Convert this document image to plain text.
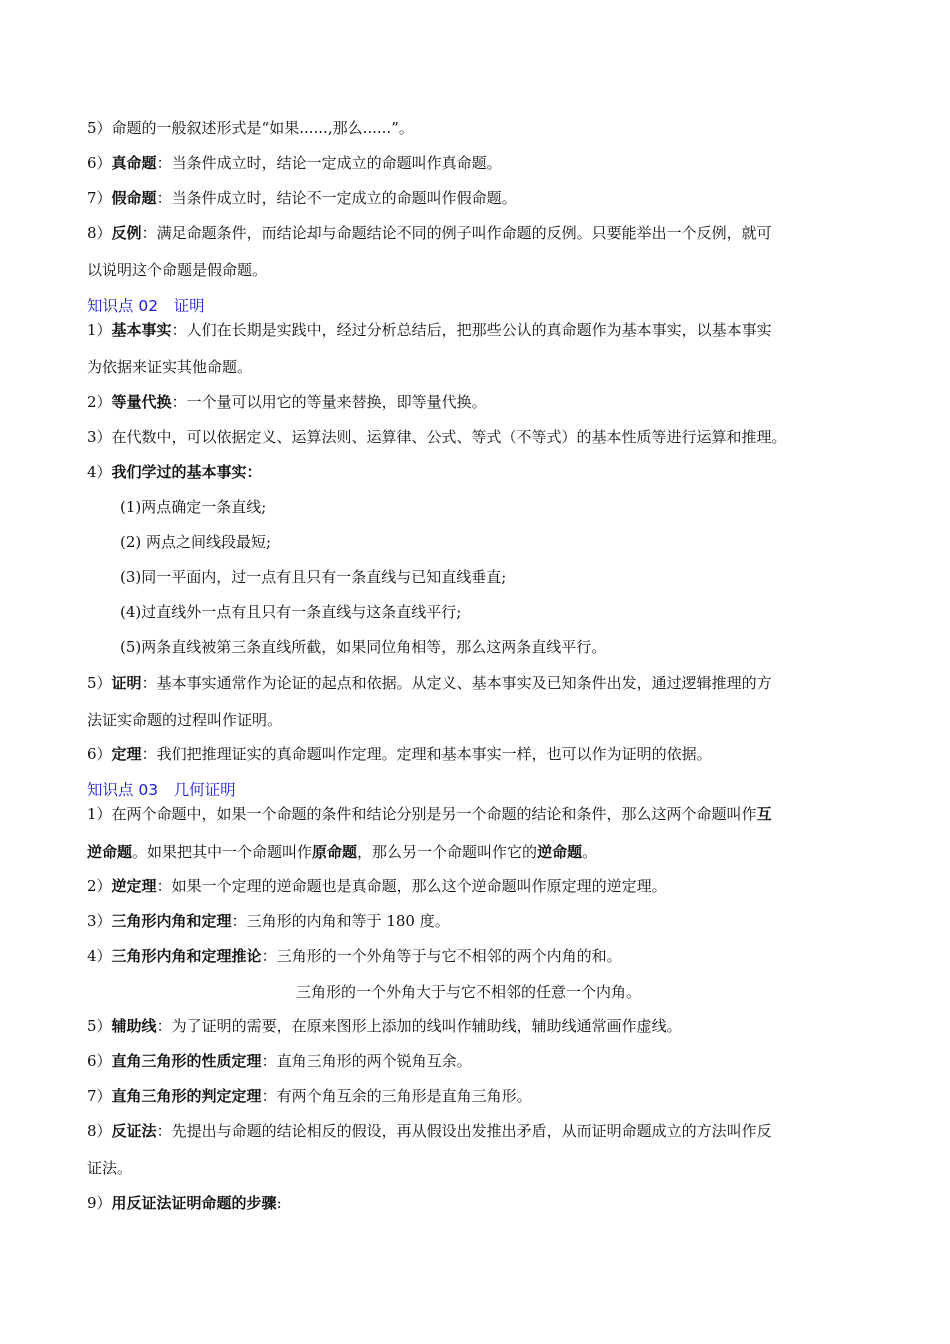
5）命题的一般叙述形式是“如果......,那么......”。
6）真命题：当条件成立时，结论一定成立的命题叫作真命题。
7）假命题：当条件成立时，结论不一定成立的命题叫作假命题。
8）反例：满足命题条件，而结论却与命题结论不同的例子叫作命题的反例。只要能举出一个反例，就可
以说明这个命题是假命题。
知识点 02　证明
1）基本事实：人们在长期是实践中，经过分析总结后，把那些公认的真命题作为基本事实，以基本事实
为依据来证实其他命题。
2）等量代换：一个量可以用它的等量来替换，即等量代换。
3）在代数中，可以依据定义、运算法则、运算律、公式、等式（不等式）的基本性质等进行运算和推理。
4）我们学过的基本事实：
(1)两点确定一条直线;
(2) 两点之间线段最短;
(3)同一平面内，过一点有且只有一条直线与已知直线垂直;
(4)过直线外一点有且只有一条直线与这条直线平行;
(5)两条直线被第三条直线所截，如果同位角相等，那么这两条直线平行。
5）证明：基本事实通常作为论证的起点和依据。从定义、基本事实及已知条件出发，通过逻辑推理的方
法证实命题的过程叫作证明。
6）定理：我们把推理证实的真命题叫作定理。定理和基本事实一样，也可以作为证明的依据。
知识点 03　几何证明
1）在两个命题中，如果一个命题的条件和结论分别是另一个命题的结论和条件，那么这两个命题叫作互
逆命题。如果把其中一个命题叫作原命题，那么另一个命题叫作它的逆命题。
2）逆定理：如果一个定理的逆命题也是真命题，那么这个逆命题叫作原定理的逆定理。
3）三角形内角和定理：三角形的内角和等于 180 度。
4）三角形内角和定理推论：三角形的一个外角等于与它不相邻的两个内角的和。
三角形的一个外角大于与它不相邻的任意一个内角。
5）辅助线：为了证明的需要，在原来图形上添加的线叫作辅助线，辅助线通常画作虚线。
6）直角三角形的性质定理：直角三角形的两个锐角互余。
7）直角三角形的判定定理：有两个角互余的三角形是直角三角形。
8）反证法：先提出与命题的结论相反的假设，再从假设出发推出矛盾，从而证明命题成立的方法叫作反
证法。
9）用反证法证明命题的步骤:
